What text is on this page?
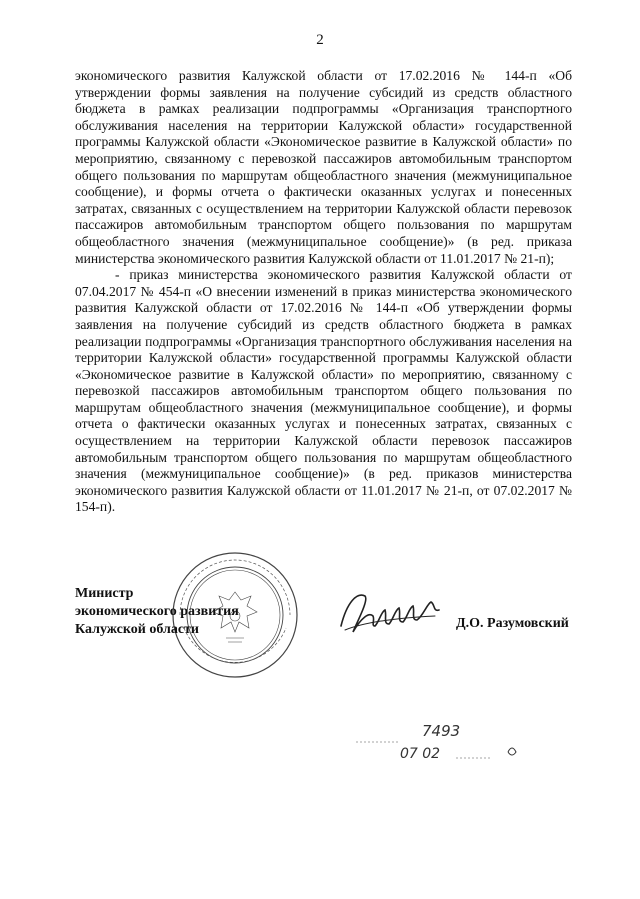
2

экономического развития Калужской области от 17.02.2016 № 144-п «Об утверждении формы заявления на получение субсидий из средств областного бюджета в рамках реализации подпрограммы «Организация транспортного обслуживания населения на территории Калужской области» государственной программы Калужской области «Экономическое развитие в Калужской области» по мероприятию, связанному с перевозкой пассажиров автомобильным транспортом общего пользования по маршрутам общеобластного значения (межмуниципальное сообщение), и формы отчета о фактически оказанных услугах и понесенных затратах, связанных с осуществлением на территории Калужской области перевозок пассажиров автомобильным транспортом общего пользования по маршрутам общеобластного значения (межмуниципальное сообщение)» (в ред. приказа министерства экономического развития Калужской области от 11.01.2017 № 21-п);

- приказ министерства экономического развития Калужской области от 07.04.2017 № 454-п «О внесении изменений в приказ министерства экономического развития Калужской области от 17.02.2016 № 144-п «Об утверждении формы заявления на получение субсидий из средств областного бюджета в рамках реализации подпрограммы «Организация транспортного обслуживания населения на территории Калужской области» государственной программы Калужской области «Экономическое развитие в Калужской области» по мероприятию, связанному с перевозкой пассажиров автомобильным транспортом общего пользования по маршрутам общеобластного значения (межмуниципальное сообщение), и формы отчета о фактически оказанных услугах и понесенных затратах, связанных с осуществлением на территории Калужской области перевозок пассажиров автомобильным транспортом общего пользования по маршрутам общеобластного значения (межмуниципальное сообщение)» (в ред. приказов министерства экономического развития Калужской области от 11.01.2017 № 21-п, от 07.02.2017 № 154-п).

Министр
экономического развития
Калужской области	Д.О. Разумовский
7493
07 02
